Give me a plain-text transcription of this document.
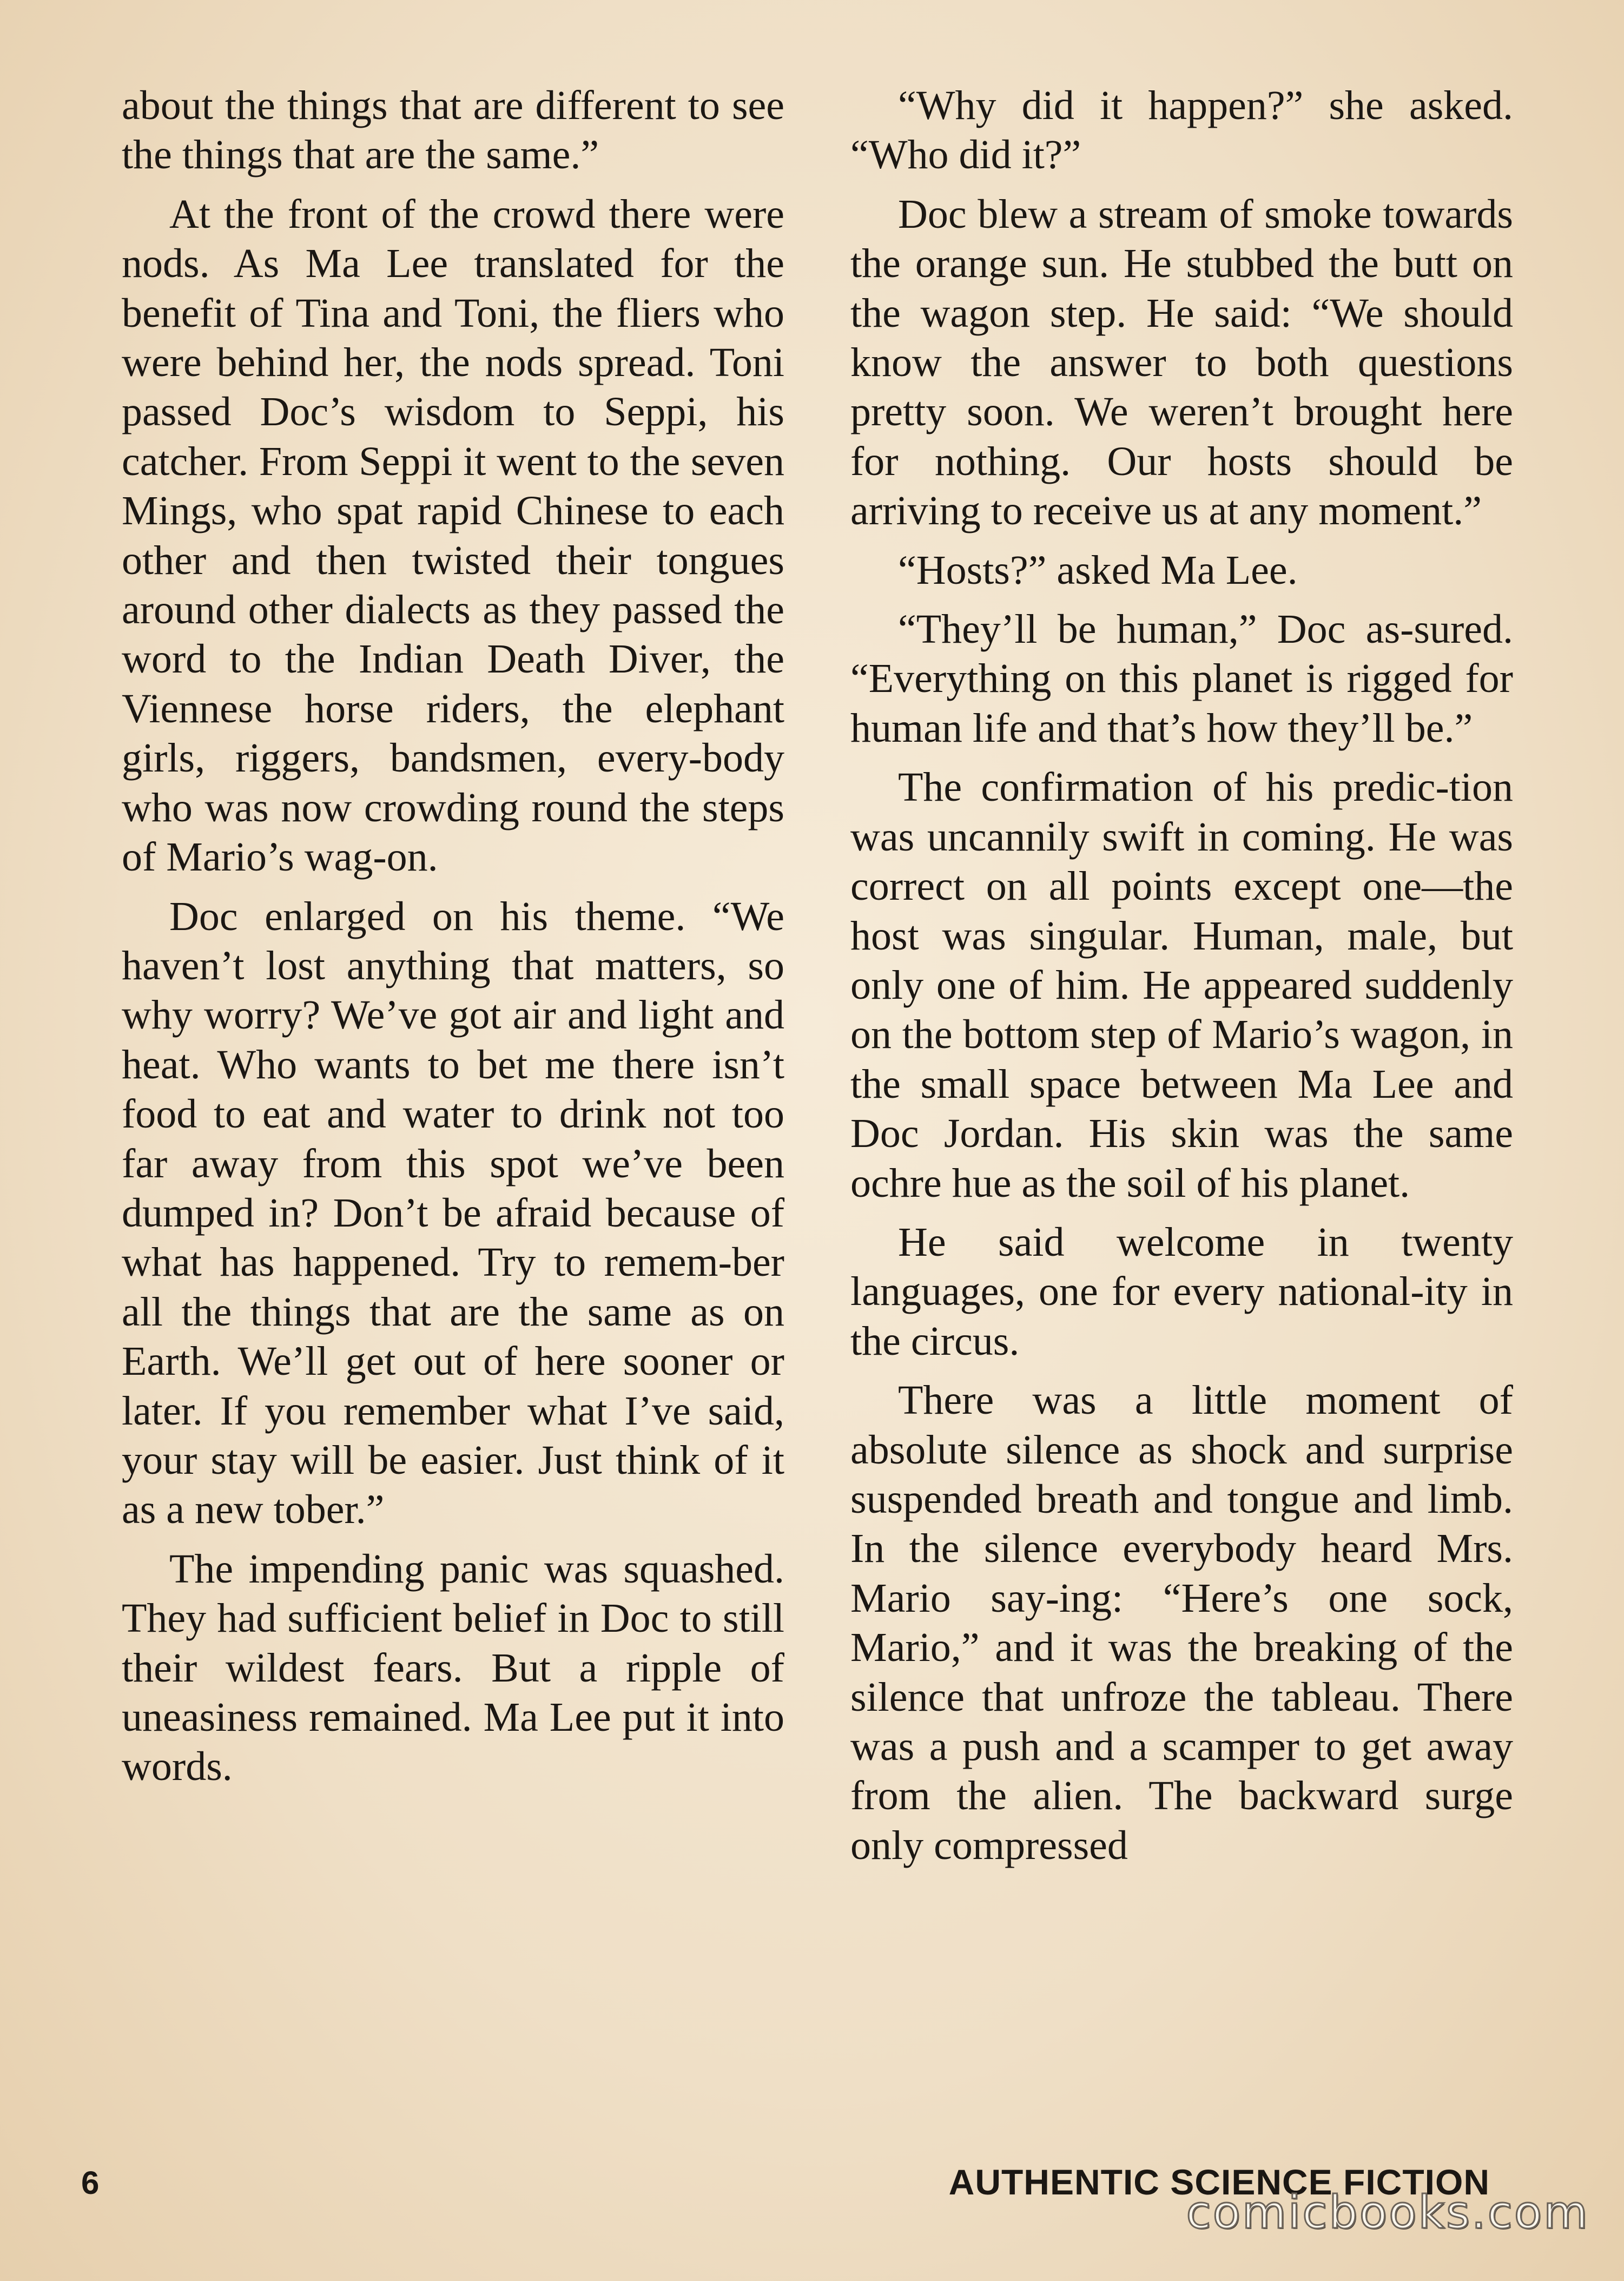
about the things that are different to see the things that are the same.”

At the front of the crowd there were nods. As Ma Lee translated for the benefit of Tina and Toni, the fliers who were behind her, the nods spread. Toni passed Doc’s wisdom to Seppi, his catcher. From Seppi it went to the seven Mings, who spat rapid Chinese to each other and then twisted their tongues around other dialects as they passed the word to the Indian Death Diver, the Viennese horse riders, the elephant girls, riggers, bandsmen, every-body who was now crowding round the steps of Mario’s wag-on.

Doc enlarged on his theme. “We haven’t lost anything that matters, so why worry? We’ve got air and light and heat. Who wants to bet me there isn’t food to eat and water to drink not too far away from this spot we’ve been dumped in? Don’t be afraid because of what has happened. Try to remem-ber all the things that are the same as on Earth. We’ll get out of here sooner or later. If you remember what I’ve said, your stay will be easier. Just think of it as a new tober.”

The impending panic was squashed. They had sufficient belief in Doc to still their wildest fears. But a ripple of uneasiness remained. Ma Lee put it into words.

“Why did it happen?” she asked. “Who did it?”

Doc blew a stream of smoke towards the orange sun. He stubbed the butt on the wagon step. He said: “We should know the answer to both questions pretty soon. We weren’t brought here for nothing. Our hosts should be arriving to receive us at any moment.”

“Hosts?” asked Ma Lee.

“They’ll be human,” Doc as-sured. “Everything on this planet is rigged for human life and that’s how they’ll be.”

The confirmation of his predic-tion was uncannily swift in coming. He was correct on all points except one—the host was singular. Human, male, but only one of him. He appeared suddenly on the bottom step of Mario’s wagon, in the small space between Ma Lee and Doc Jordan. His skin was the same ochre hue as the soil of his planet.

He said welcome in twenty languages, one for every national-ity in the circus.

There was a little moment of absolute silence as shock and surprise suspended breath and tongue and limb. In the silence everybody heard Mrs. Mario say-ing: “Here’s one sock, Mario,” and it was the breaking of the silence that unfroze the tableau. There was a push and a scamper to get away from the alien. The backward surge only compressed

6	AUTHENTIC SCIENCE FICTION
comicbooks.com
